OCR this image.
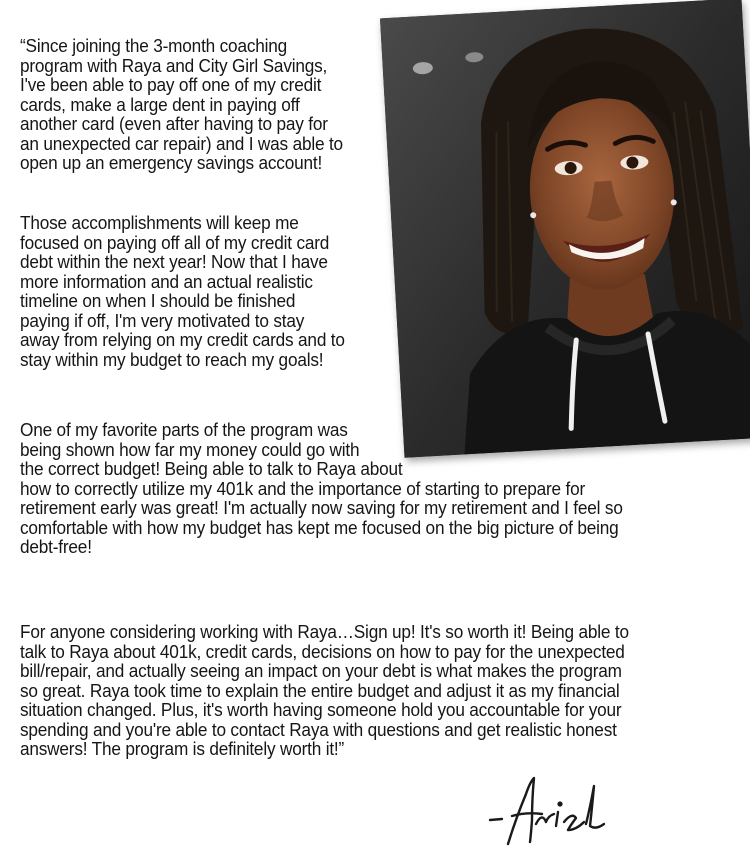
“Since joining the 3-month coaching
program with Raya and City Girl Savings,
I've been able to pay off one of my credit
cards, make a large dent in paying off
another card (even after having to pay for
an unexpected car repair) and I was able to
open up an emergency savings account!

Those accomplishments will keep me
focused on paying off all of my credit card
debt within the next year! Now that I have
more information and an actual realistic
timeline on when I should be finished
paying if off, I'm very motivated to stay
away from relying on my credit cards and to
stay within my budget to reach my goals!

One of my favorite parts of the program was
being shown how far my money could go with
the correct budget! Being able to talk to Raya about
how to correctly utilize my 401k and the importance of starting to prepare for
retirement early was great! I'm actually now saving for my retirement and I feel so
comfortable with how my budget has kept me focused on the big picture of being
debt-free!

For anyone considering working with Raya…Sign up! It's so worth it! Being able to
talk to Raya about 401k, credit cards, decisions on how to pay for the unexpected
bill/repair, and actually seeing an impact on your debt is what makes the program
so great. Raya took time to explain the entire budget and adjust it as my financial
situation changed. Plus, it's worth having someone hold you accountable for your
spending and you're able to contact Raya with questions and get realistic honest
answers! The program is definitely worth it!”
